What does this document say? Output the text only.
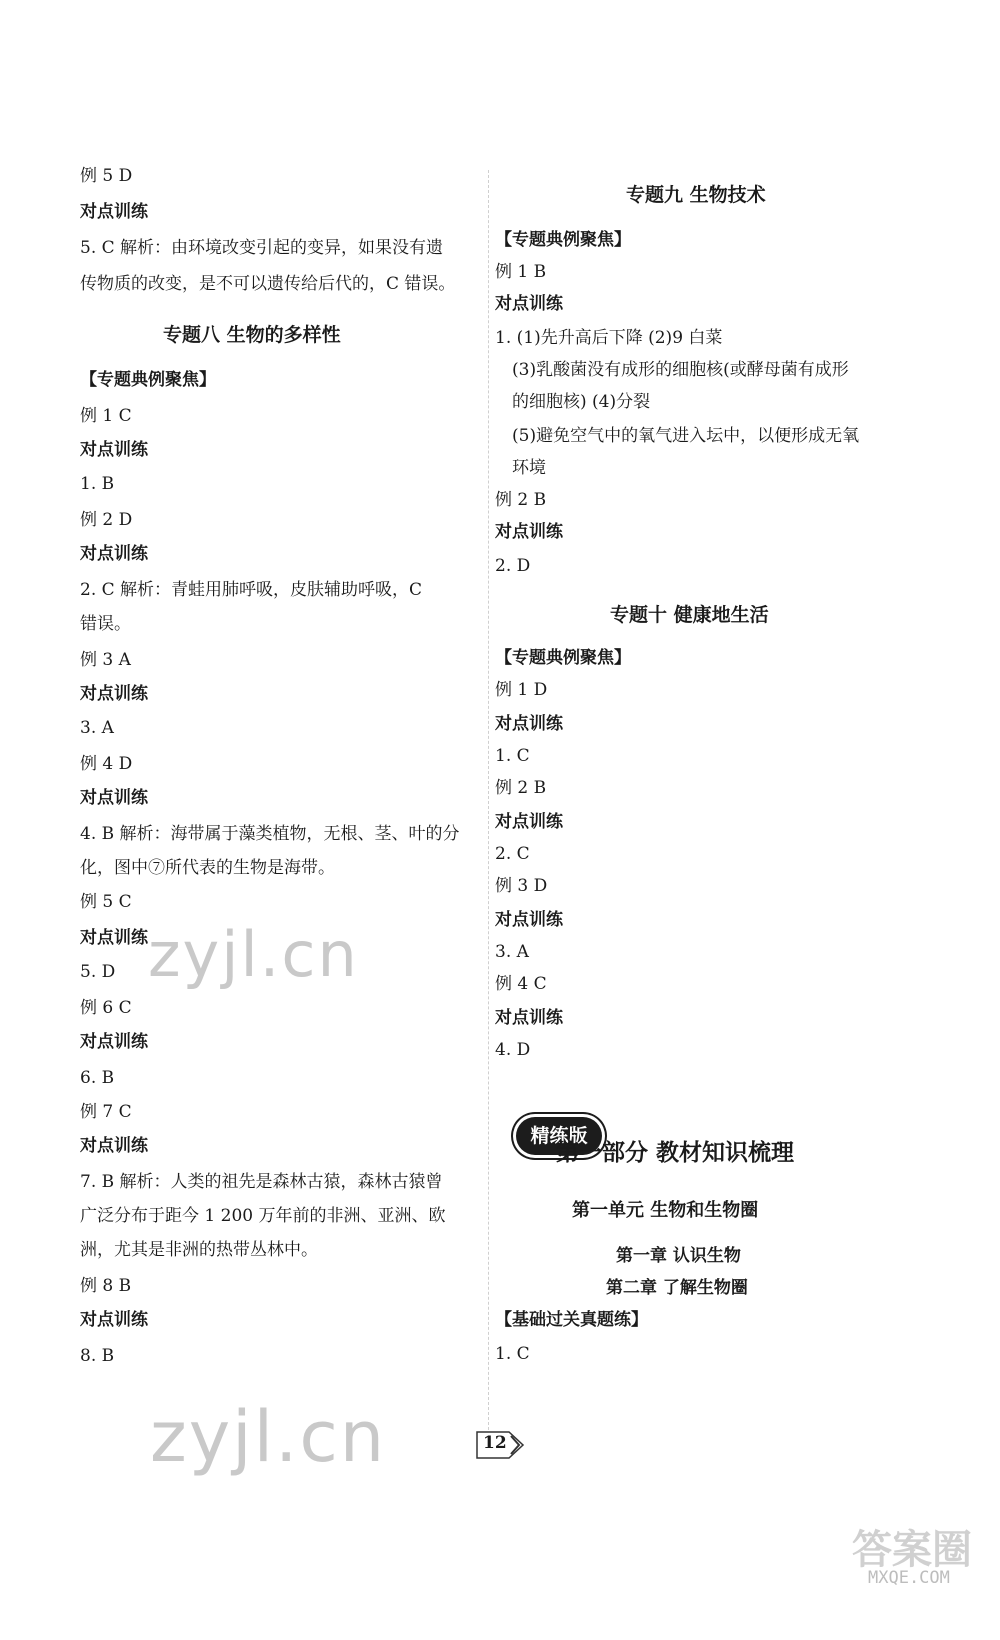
例 5 D
对点训练
5. C 解析：由环境改变引起的变异，如果没有遗
传物质的改变，是不可以遗传给后代的，C 错误。
专题八 生物的多样性
【专题典例聚焦】
例 1 C
对点训练
1. B
例 2 D
对点训练
2. C 解析：青蛙用肺呼吸，皮肤辅助呼吸，C
错误。
例 3 A
对点训练
3. A
例 4 D
对点训练
4. B 解析：海带属于藻类植物，无根、茎、叶的分
化，图中⑦所代表的生物是海带。
例 5 C
对点训练
5. D
例 6 C
对点训练
6. B
例 7 C
对点训练
7. B 解析：人类的祖先是森林古猿，森林古猿曾
广泛分布于距今 1 200 万年前的非洲、亚洲、欧
洲，尤其是非洲的热带丛林中。
例 8 B
对点训练
8. B
专题九 生物技术
【专题典例聚焦】
例 1 B
对点训练
1. (1)先升高后下降 (2)9 白菜
(3)乳酸菌没有成形的细胞核(或酵母菌有成形
的细胞核) (4)分裂
(5)避免空气中的氧气进入坛中，以便形成无氧
环境
例 2 B
对点训练
2. D
专题十 健康地生活
【专题典例聚焦】
例 1 D
对点训练
1. C
例 2 B
对点训练
2. C
例 3 D
对点训练
3. A
例 4 C
对点训练
4. D
精练版
第一部分 教材知识梳理
第一单元 生物和生物圈
第一章 认识生物
第二章 了解生物圈
【基础过关真题练】
1. C
12
zyjl.cn
zyjl.cn
答案圈
MXQE.COM
